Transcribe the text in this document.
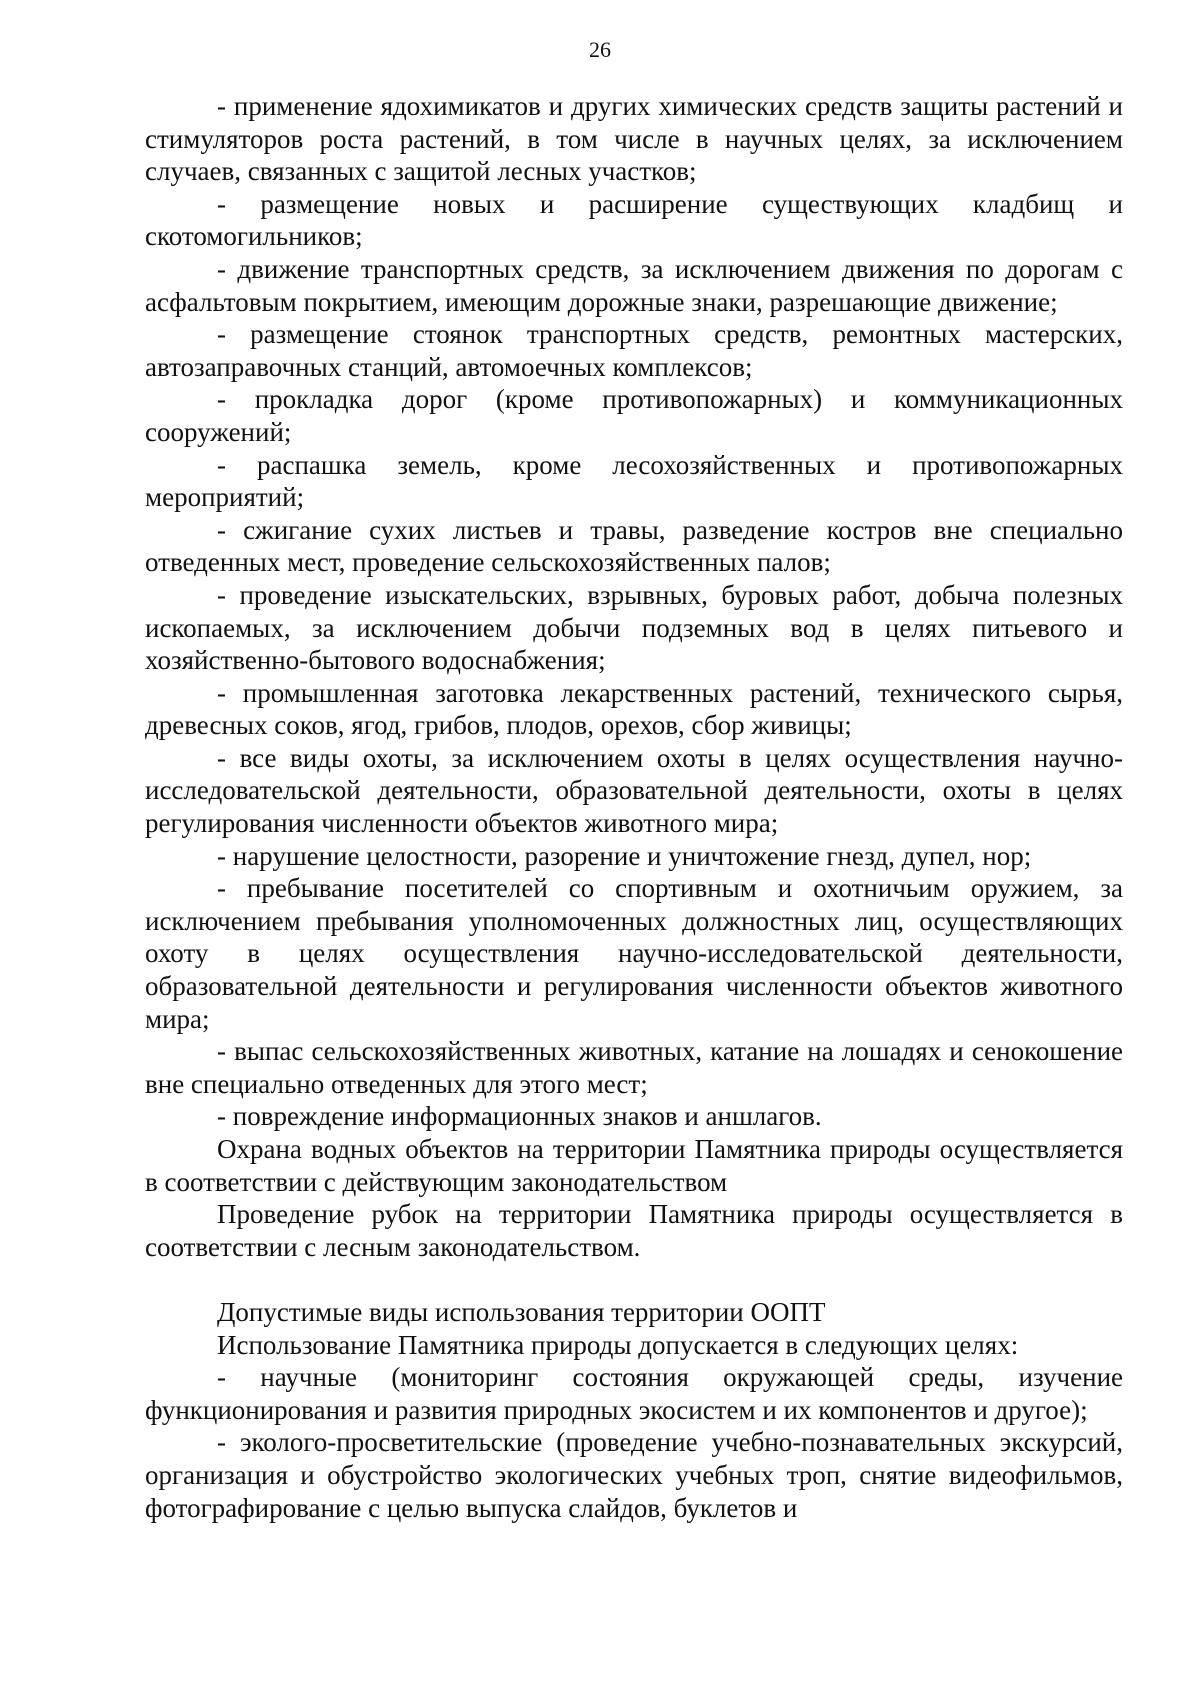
26

- применение ядохимикатов и других химических средств защиты растений и стимуляторов роста растений, в том числе в научных целях, за исключением случаев, связанных с защитой лесных участков;

- размещение новых и расширение существующих кладбищ и скотомогильников;

- движение транспортных средств, за исключением движения по дорогам с асфальтовым покрытием, имеющим дорожные знаки, разрешающие движение;

- размещение стоянок транспортных средств, ремонтных мастерских, автозаправочных станций, автомоечных комплексов;

- прокладка дорог (кроме противопожарных) и коммуникационных сооружений;

- распашка земель, кроме лесохозяйственных и противопожарных мероприятий;

- сжигание сухих листьев и травы, разведение костров вне специально отведенных мест, проведение сельскохозяйственных палов;

- проведение изыскательских, взрывных, буровых работ, добыча полезных ископаемых, за исключением добычи подземных вод в целях питьевого и хозяйственно-бытового водоснабжения;

- промышленная заготовка лекарственных растений, технического сырья, древесных соков, ягод, грибов, плодов, орехов, сбор живицы;

- все виды охоты, за исключением охоты в целях осуществления научно-исследовательской деятельности, образовательной деятельности, охоты в целях регулирования численности объектов животного мира;

- нарушение целостности, разорение и уничтожение гнезд, дупел, нор;

- пребывание посетителей со спортивным и охотничьим оружием, за исключением пребывания уполномоченных должностных лиц, осуществляющих охоту в целях осуществления научно-исследовательской деятельности, образовательной деятельности и регулирования численности объектов животного мира;

- выпас сельскохозяйственных животных, катание на лошадях и сенокошение вне специально отведенных для этого мест;

- повреждение информационных знаков и аншлагов.

Охрана водных объектов на территории Памятника природы осуществляется в соответствии с действующим законодательством

Проведение рубок на территории Памятника природы осуществляется в соответствии с лесным законодательством.

Допустимые виды использования территории ООПТ

Использование Памятника природы допускается в следующих целях:

- научные (мониторинг состояния окружающей среды, изучение функционирования и развития природных экосистем и их компонентов и другое);

- эколого-просветительские (проведение учебно-познавательных экскурсий, организация и обустройство экологических учебных троп, снятие видеофильмов, фотографирование с целью выпуска слайдов, буклетов и
